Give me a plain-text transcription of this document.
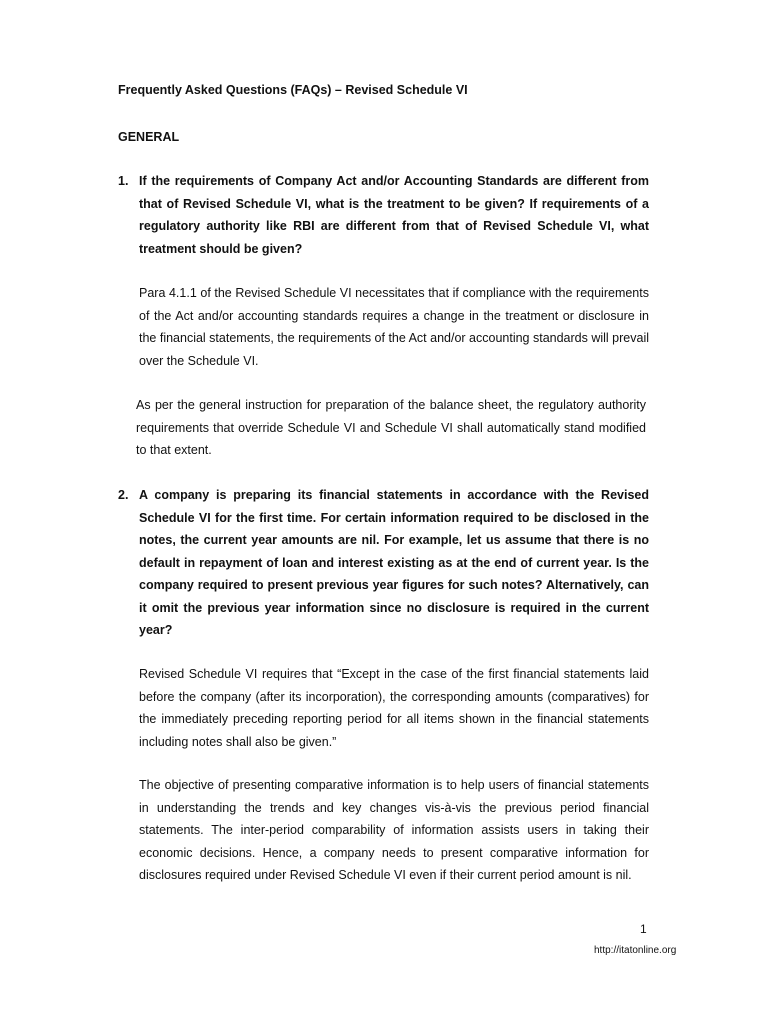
Frequently Asked Questions (FAQs) – Revised Schedule VI
GENERAL
1. If the requirements of Company Act and/or Accounting Standards are different from that of Revised Schedule VI, what is the treatment to be given? If requirements of a regulatory authority like RBI are different from that of Revised Schedule VI, what treatment should be given?
Para 4.1.1 of the Revised Schedule VI necessitates that if compliance with the requirements of the Act and/or accounting standards requires a change in the treatment or disclosure in the financial statements, the requirements of the Act and/or accounting standards will prevail over the Schedule VI.
As per the general instruction for preparation of the balance sheet, the regulatory authority requirements that override Schedule VI and Schedule VI shall automatically stand modified to that extent.
2. A company is preparing its financial statements in accordance with the Revised Schedule VI for the first time. For certain information required to be disclosed in the notes, the current year amounts are nil. For example, let us assume that there is no default in repayment of loan and interest existing as at the end of current year. Is the company required to present previous year figures for such notes? Alternatively, can it omit the previous year information since no disclosure is required in the current year?
Revised Schedule VI requires that “Except in the case of the first financial statements laid before the company (after its incorporation), the corresponding amounts (comparatives) for the immediately preceding reporting period for all items shown in the financial statements including notes shall also be given.”
The objective of presenting comparative information is to help users of financial statements in understanding the trends and key changes vis-à-vis the previous period financial statements. The inter-period comparability of information assists users in taking their economic decisions. Hence, a company needs to present comparative information for disclosures required under Revised Schedule VI even if their current period amount is nil.
1
http://itatonline.org
